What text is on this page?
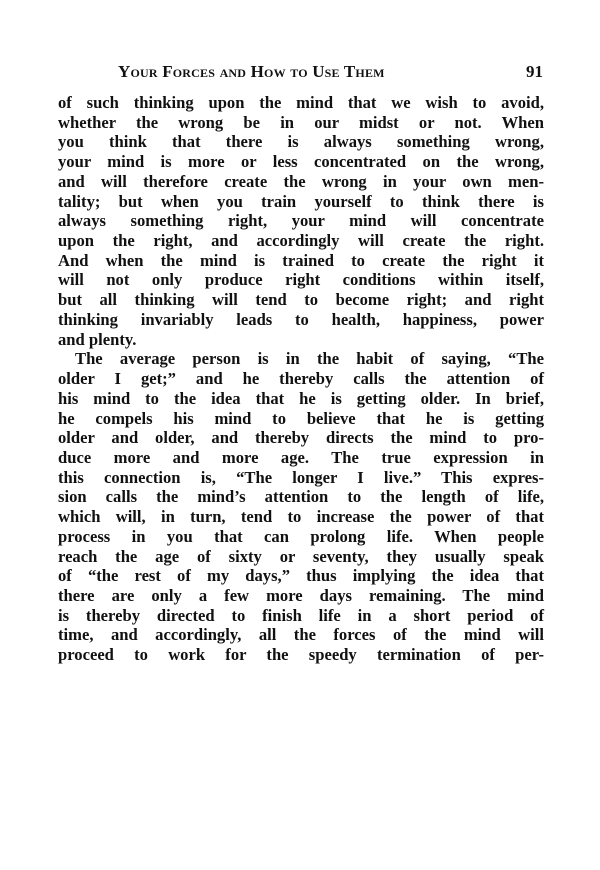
Your Forces and How to Use Them	91
of such thinking upon the mind that we wish to avoid,
whether the wrong be in our midst or not. When
you think that there is always something wrong,
your mind is more or less concentrated on the wrong,
and will therefore create the wrong in your own men-
tality; but when you train yourself to think there is
always something right, your mind will concentrate
upon the right, and accordingly will create the right.
And when the mind is trained to create the right it
will not only produce right conditions within itself,
but all thinking will tend to become right; and right
thinking invariably leads to health, happiness, power
and plenty.
The average person is in the habit of saying, “The
older I get;” and he thereby calls the attention of
his mind to the idea that he is getting older. In brief,
he compels his mind to believe that he is getting
older and older, and thereby directs the mind to pro-
duce more and more age. The true expression in
this connection is, “The longer I live.” This expres-
sion calls the mind’s attention to the length of life,
which will, in turn, tend to increase the power of that
process in you that can prolong life. When people
reach the age of sixty or seventy, they usually speak
of “the rest of my days,” thus implying the idea that
there are only a few more days remaining. The mind
is thereby directed to finish life in a short period of
time, and accordingly, all the forces of the mind will
proceed to work for the speedy termination of per-
